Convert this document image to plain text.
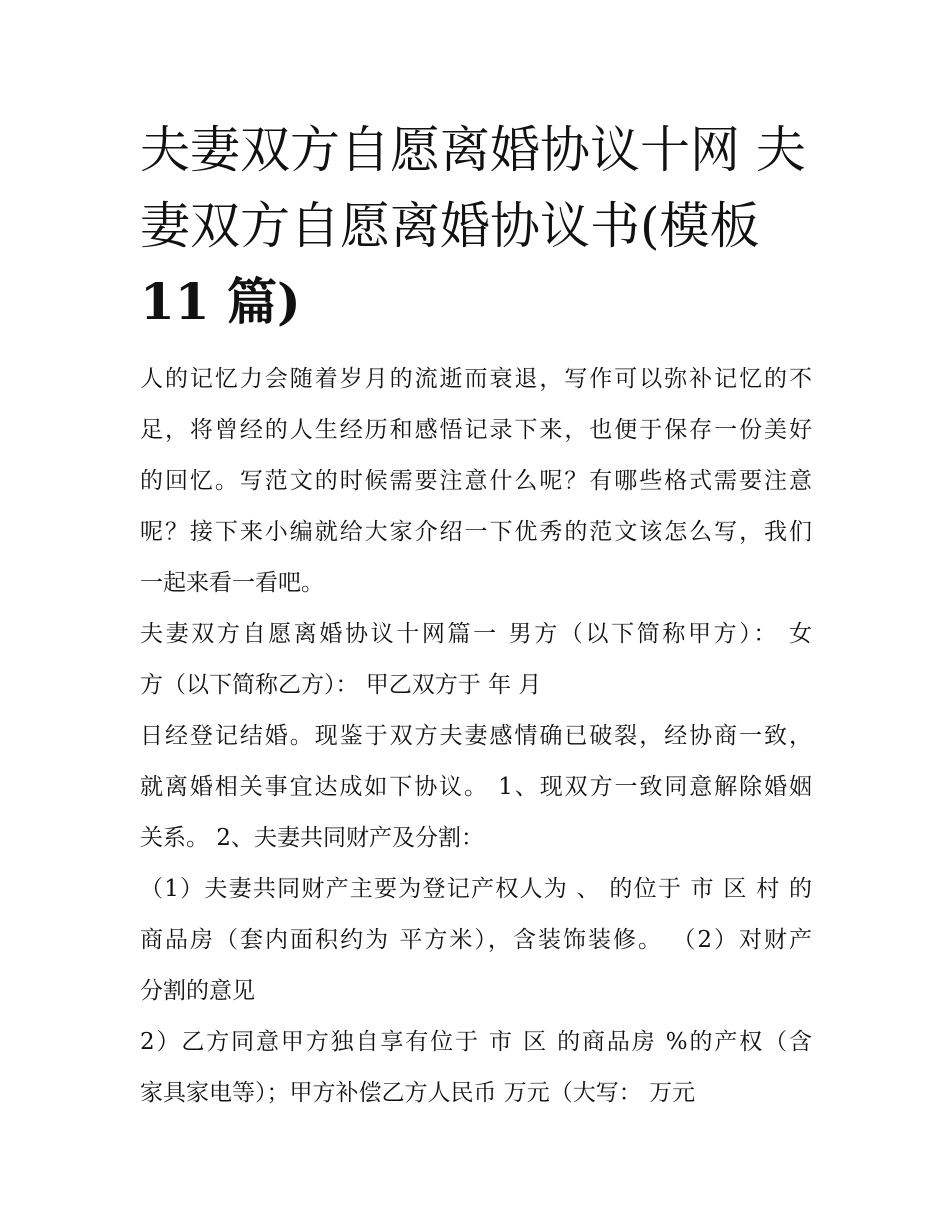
夫妻双方自愿离婚协议十网 夫
妻双方自愿离婚协议书(模板
11 篇)
人的记忆力会随着岁月的流逝而衰退，写作可以弥补记忆的不
足，将曾经的人生经历和感悟记录下来，也便于保存一份美好
的回忆。写范文的时候需要注意什么呢？有哪些格式需要注意
呢？接下来小编就给大家介绍一下优秀的范文该怎么写，我们
一起来看一看吧。
夫妻双方自愿离婚协议十网篇一 男方（以下简称甲方）： 女
方（以下简称乙方）： 甲乙双方于 年 月
日经登记结婚。现鉴于双方夫妻感情确已破裂，经协商一致，
就离婚相关事宜达成如下协议。 1、现双方一致同意解除婚姻
关系。 2、夫妻共同财产及分割：
（1）夫妻共同财产主要为登记产权人为 、 的位于 市 区 村 的
商品房（套内面积约为 平方米），含装饰装修。 （2）对财产
分割的意见
2）乙方同意甲方独自享有位于 市 区 的商品房 %的产权（含
家具家电等）；甲方补偿乙方人民币 万元（大写： 万元
